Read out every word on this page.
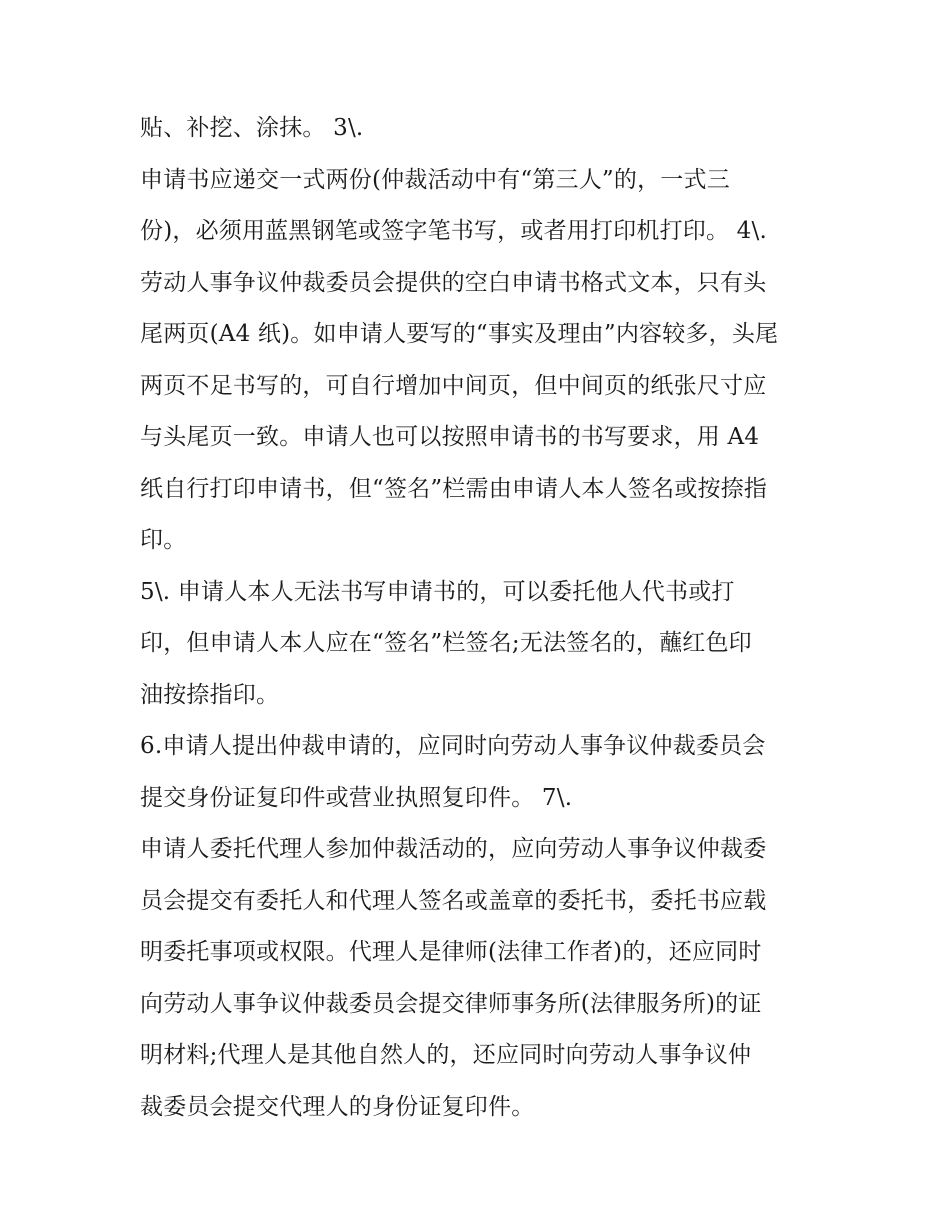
贴、补挖、涂抹。 3\.
申请书应递交一式两份(仲裁活动中有“第三人”的，一式三
份)，必须用蓝黑钢笔或签字笔书写，或者用打印机打印。 4\.
劳动人事争议仲裁委员会提供的空白申请书格式文本，只有头
尾两页(A4 纸)。如申请人要写的“事实及理由”内容较多，头尾
两页不足书写的，可自行增加中间页，但中间页的纸张尺寸应
与头尾页一致。申请人也可以按照申请书的书写要求，用 A4
纸自行打印申请书，但“签名”栏需由申请人本人签名或按捺指
印。
5\. 申请人本人无法书写申请书的，可以委托他人代书或打
印，但申请人本人应在“签名”栏签名;无法签名的，蘸红色印
油按捺指印。
6.申请人提出仲裁申请的，应同时向劳动人事争议仲裁委员会
提交身份证复印件或营业执照复印件。 7\.
申请人委托代理人参加仲裁活动的，应向劳动人事争议仲裁委
员会提交有委托人和代理人签名或盖章的委托书，委托书应载
明委托事项或权限。代理人是律师(法律工作者)的，还应同时
向劳动人事争议仲裁委员会提交律师事务所(法律服务所)的证
明材料;代理人是其他自然人的，还应同时向劳动人事争议仲
裁委员会提交代理人的身份证复印件。
